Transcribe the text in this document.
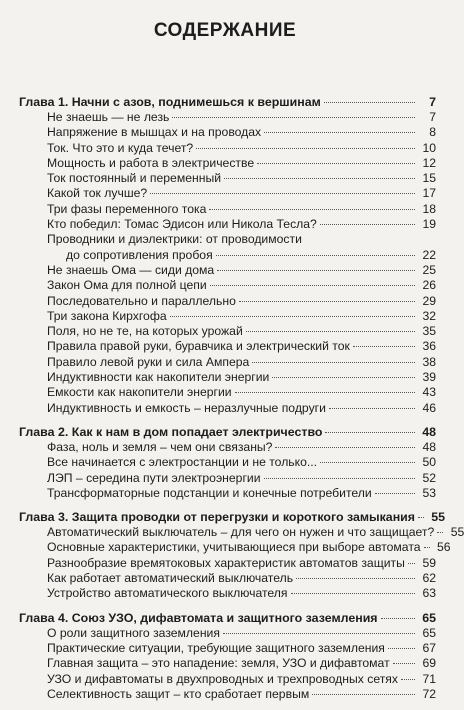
СОДЕРЖАНИЕ
Глава 1. Начни с азов, поднимешься к вершинам	7
Не знаешь — не лезь	7
Напряжение в мышцах и на проводах	8
Ток. Что это и куда течет?	10
Мощность и работа в электричестве	12
Ток постоянный и переменный	15
Какой ток лучше?	17
Три фазы переменного тока	18
Кто победил: Томас Эдисон или Никола Тесла?	19
Проводники и диэлектрики: от проводимости
до сопротивления пробоя	22
Не знаешь Ома — сиди дома	25
Закон Ома для полной цепи	26
Последовательно и параллельно	29
Три закона Кирхгофа	32
Поля, но не те, на которых урожай	35
Правила правой руки, буравчика и электрический ток	36
Правило левой руки и сила Ампера	38
Индуктивности как накопители энергии	39
Емкости как накопители энергии	43
Индуктивность и емкость – неразлучные подруги	46
Глава 2. Как к нам в дом попадает электричество	48
Фаза, ноль и земля – чем они связаны?	48
Все начинается с электростанции и не только...	50
ЛЭП – середина пути электроэнергии	52
Трансформаторные подстанции и конечные потребители	53
Глава 3. Защита проводки от перегрузки и короткого замыкания	55
Автоматический выключатель – для чего он нужен и что защищает?	55
Основные характеристики, учитывающиеся при выборе автомата	56
Разнообразие времятоковых характеристик автоматов защиты	59
Как работает автоматический выключатель	62
Устройство автоматического выключателя	63
Глава 4. Союз УЗО, дифавтомата и защитного заземления	65
О роли защитного заземления	65
Практические ситуации, требующие защитного заземления	67
Главная защита – это нападение: земля, УЗО и дифавтомат	69
УЗО и дифавтоматы в двухпроводных и трехпроводных сетях	71
Селективность защит – кто сработает первым	72
